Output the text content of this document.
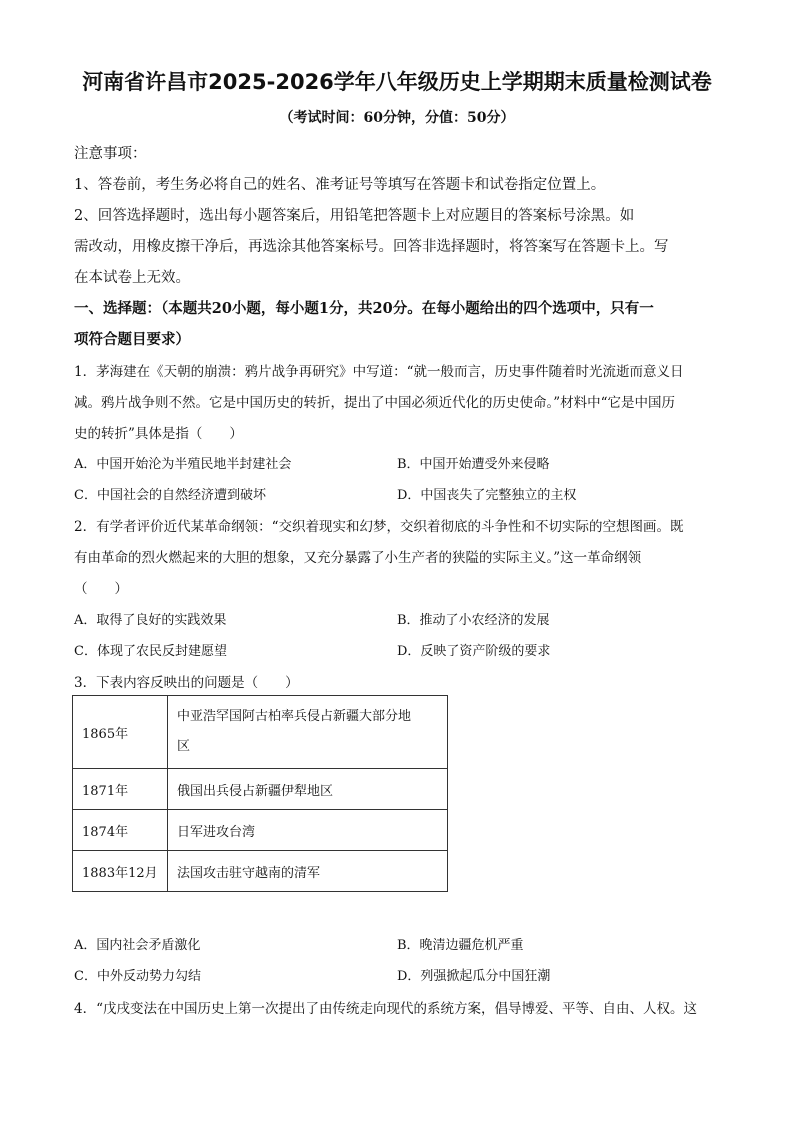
河南省许昌市2025-2026学年八年级历史上学期期末质量检测试卷
（考试时间：60分钟，分值：50分）
注意事项：
1、答卷前，考生务必将自己的姓名、准考证号等填写在答题卡和试卷指定位置上。
2、回答选择题时，选出每小题答案后，用铅笔把答题卡上对应题目的答案标号涂黑。如
需改动，用橡皮擦干净后，再选涂其他答案标号。回答非选择题时，将答案写在答题卡上。写
在本试卷上无效。
一、选择题：（本题共20小题，每小题1分，共20分。在每小题给出的四个选项中，只有一
项符合题目要求）
1．茅海建在《天朝的崩溃：鸦片战争再研究》中写道：“就一般而言，历史事件随着时光流逝而意义日
减。鸦片战争则不然。它是中国历史的转折，提出了中国必须近代化的历史使命。”材料中“它是中国历
史的转折”具体是指（　　）
A．中国开始沦为半殖民地半封建社会	B．中国开始遭受外来侵略
C．中国社会的自然经济遭到破坏	D．中国丧失了完整独立的主权
2．有学者评价近代某革命纲领：“交织着现实和幻梦，交织着彻底的斗争性和不切实际的空想图画。既
有由革命的烈火燃起来的大胆的想象，又充分暴露了小生产者的狭隘的实际主义。”这一革命纲领
（　　）
A．取得了良好的实践效果	B．推动了小农经济的发展
C．体现了农民反封建愿望	D．反映了资产阶级的要求
3．下表内容反映出的问题是（　　）
1865年	中亚浩罕国阿古柏率兵侵占新疆大部分地
区

1871年	俄国出兵侵占新疆伊犁地区
1874年	日军进攻台湾
1883年12月	法国攻击驻守越南的清军
A．国内社会矛盾激化	B．晚清边疆危机严重
C．中外反动势力勾结	D．列强掀起瓜分中国狂潮
4．“戊戌变法在中国历史上第一次提出了由传统走向现代的系统方案，倡导博爱、平等、自由、人权。这
